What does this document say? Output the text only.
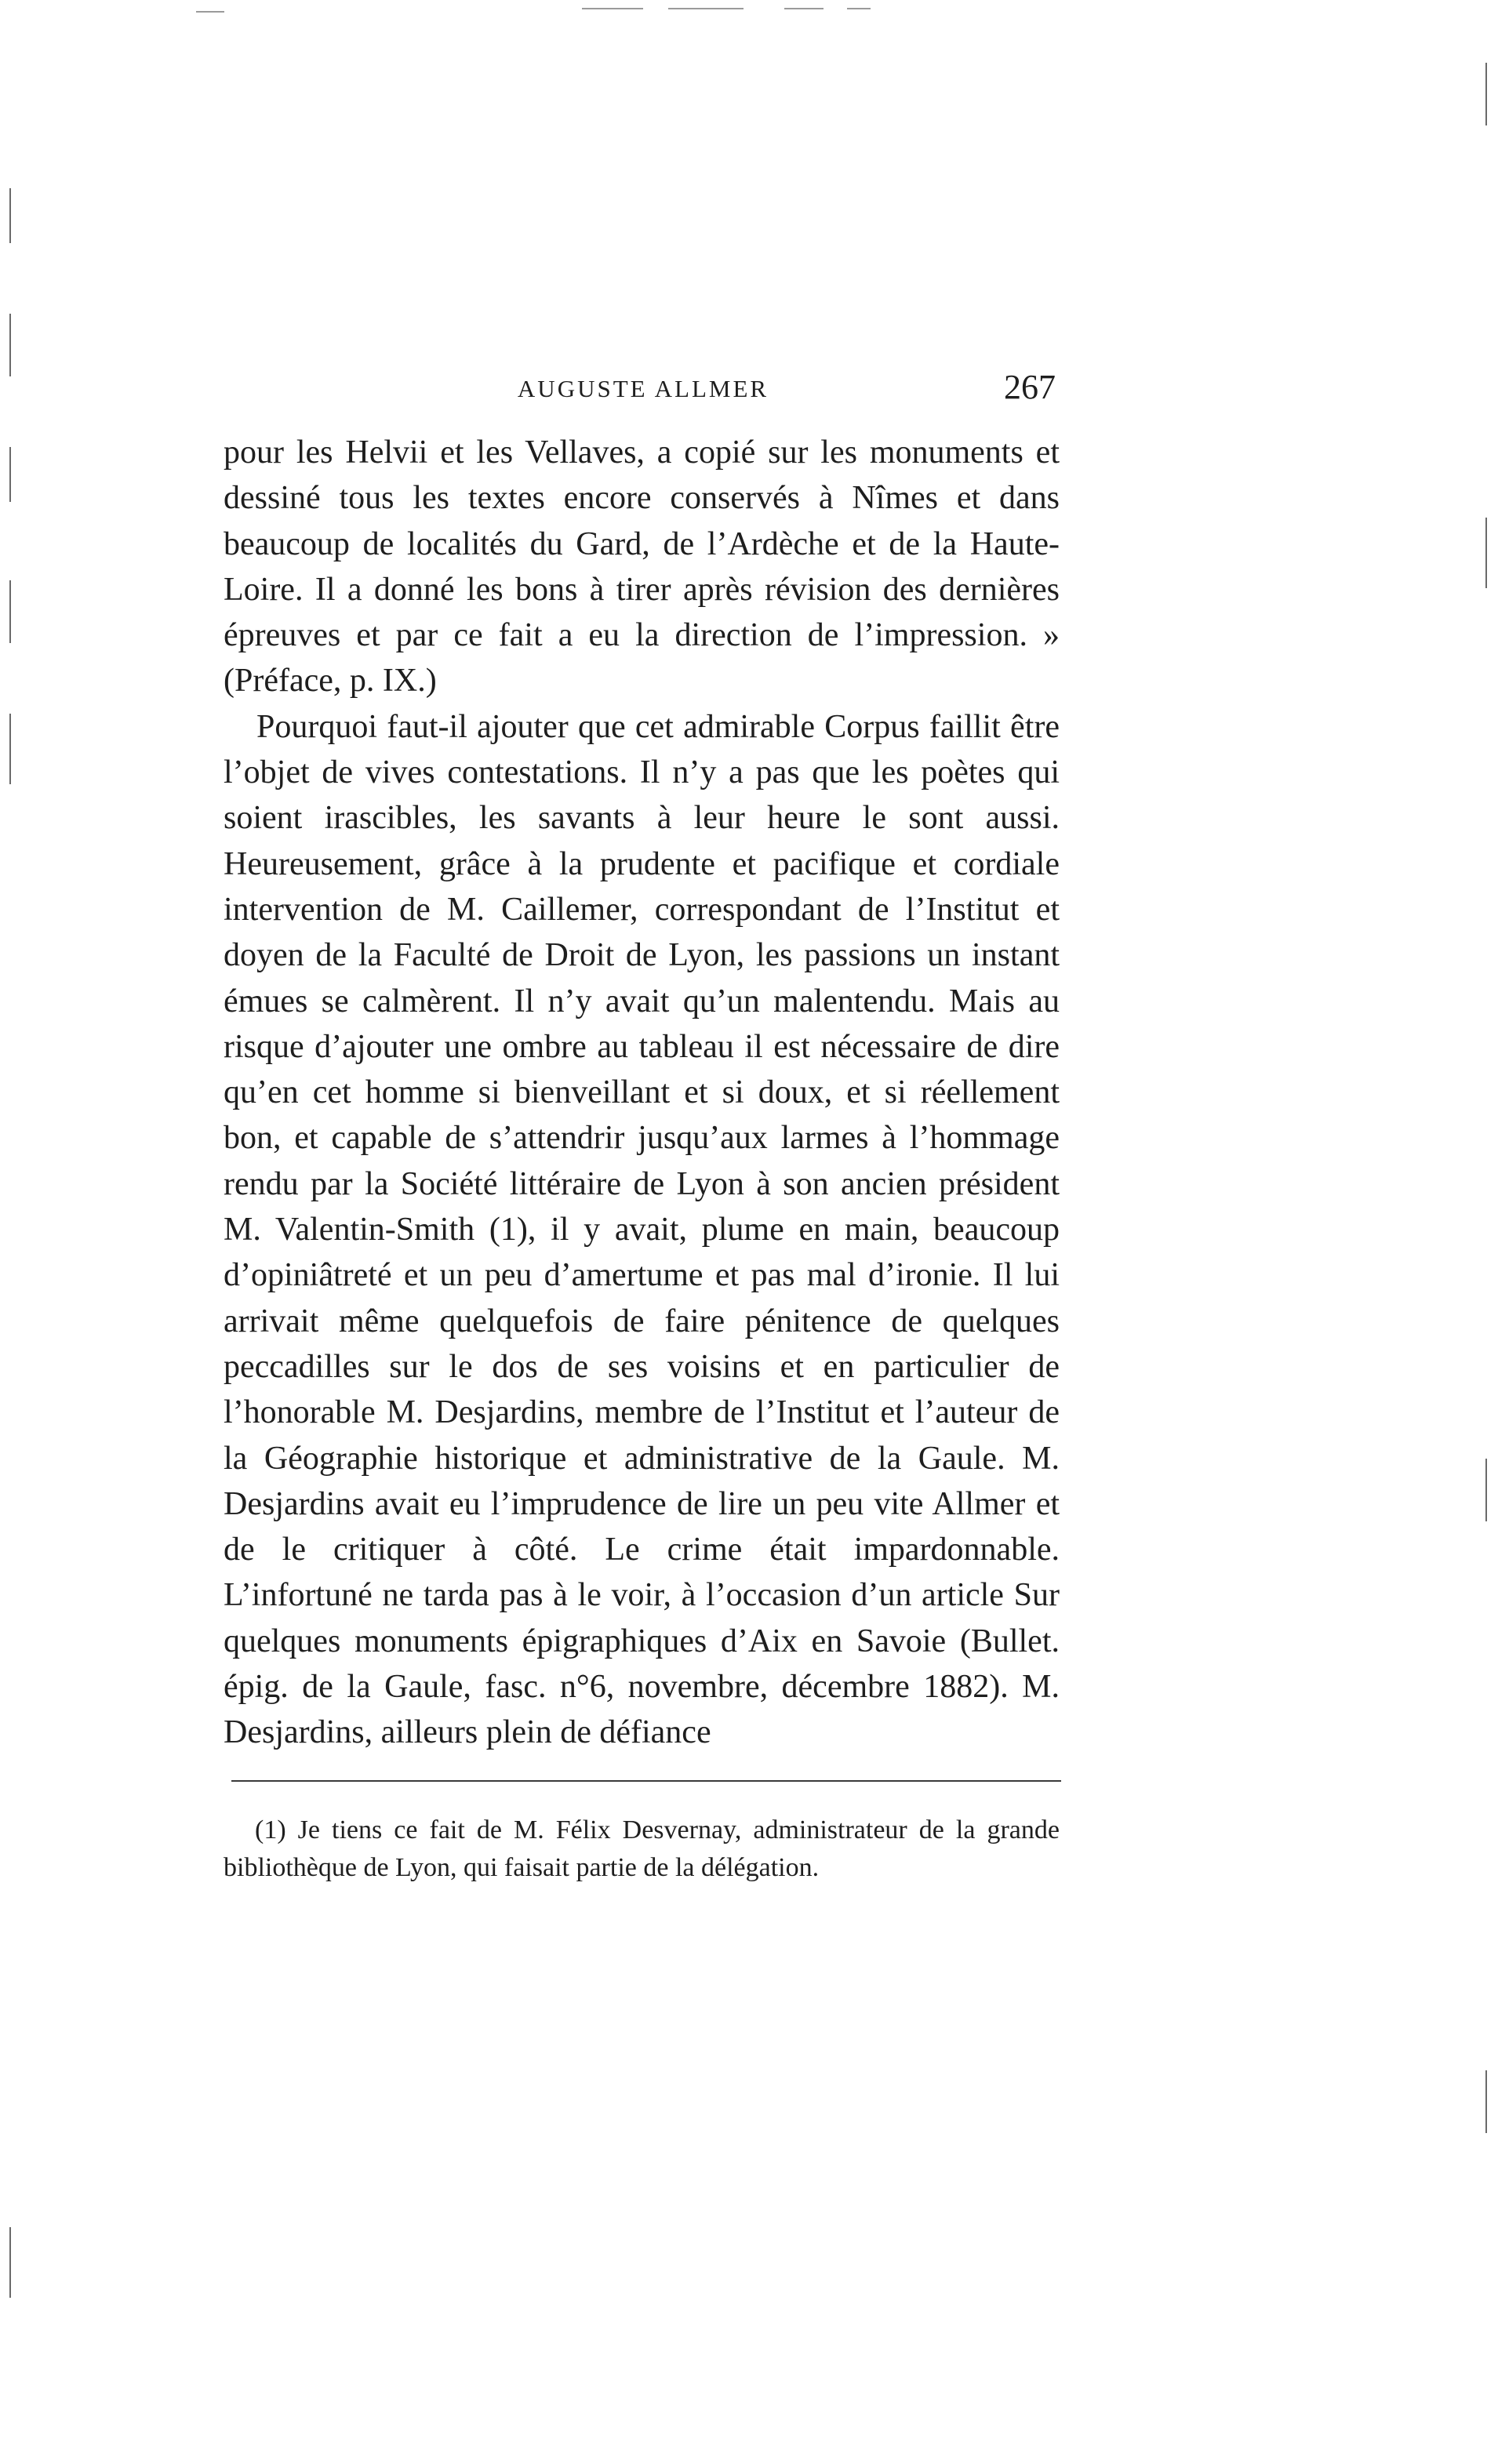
AUGUSTE ALLMER	267

pour les Helvii et les Vellaves, a copié sur les monuments et dessiné tous les textes encore conservés à Nîmes et dans beaucoup de localités du Gard, de l’Ardèche et de la Haute-Loire. Il a donné les bons à tirer après révision des dernières épreuves et par ce fait a eu la direction de l’impression. » (Préface, p. IX.)

Pourquoi faut-il ajouter que cet admirable Corpus faillit être l’objet de vives contestations. Il n’y a pas que les poètes qui soient irascibles, les savants à leur heure le sont aussi. Heureusement, grâce à la prudente et pacifique et cordiale intervention de M. Caillemer, correspondant de l’Institut et doyen de la Faculté de Droit de Lyon, les passions un instant émues se calmèrent. Il n’y avait qu’un malentendu. Mais au risque d’ajouter une ombre au tableau il est nécessaire de dire qu’en cet homme si bienveillant et si doux, et si réellement bon, et capable de s’attendrir jusqu’aux larmes à l’hommage rendu par la Société littéraire de Lyon à son ancien président M. Valentin-Smith (1), il y avait, plume en main, beaucoup d’opiniâtreté et un peu d’amertume et pas mal d’ironie. Il lui arrivait même quelquefois de faire pénitence de quelques peccadilles sur le dos de ses voisins et en particulier de l’honorable M. Desjardins, membre de l’Institut et l’auteur de la Géographie historique et administrative de la Gaule. M. Desjardins avait eu l’imprudence de lire un peu vite Allmer et de le critiquer à côté. Le crime était impardonnable. L’infortuné ne tarda pas à le voir, à l’occasion d’un article Sur quelques monuments épigraphiques d’Aix en Savoie (Bullet. épig. de la Gaule, fasc. n°6, novembre, décembre 1882). M. Desjardins, ailleurs plein de défiance

(1) Je tiens ce fait de M. Félix Desvernay, administrateur de la grande bibliothèque de Lyon, qui faisait partie de la délégation.
